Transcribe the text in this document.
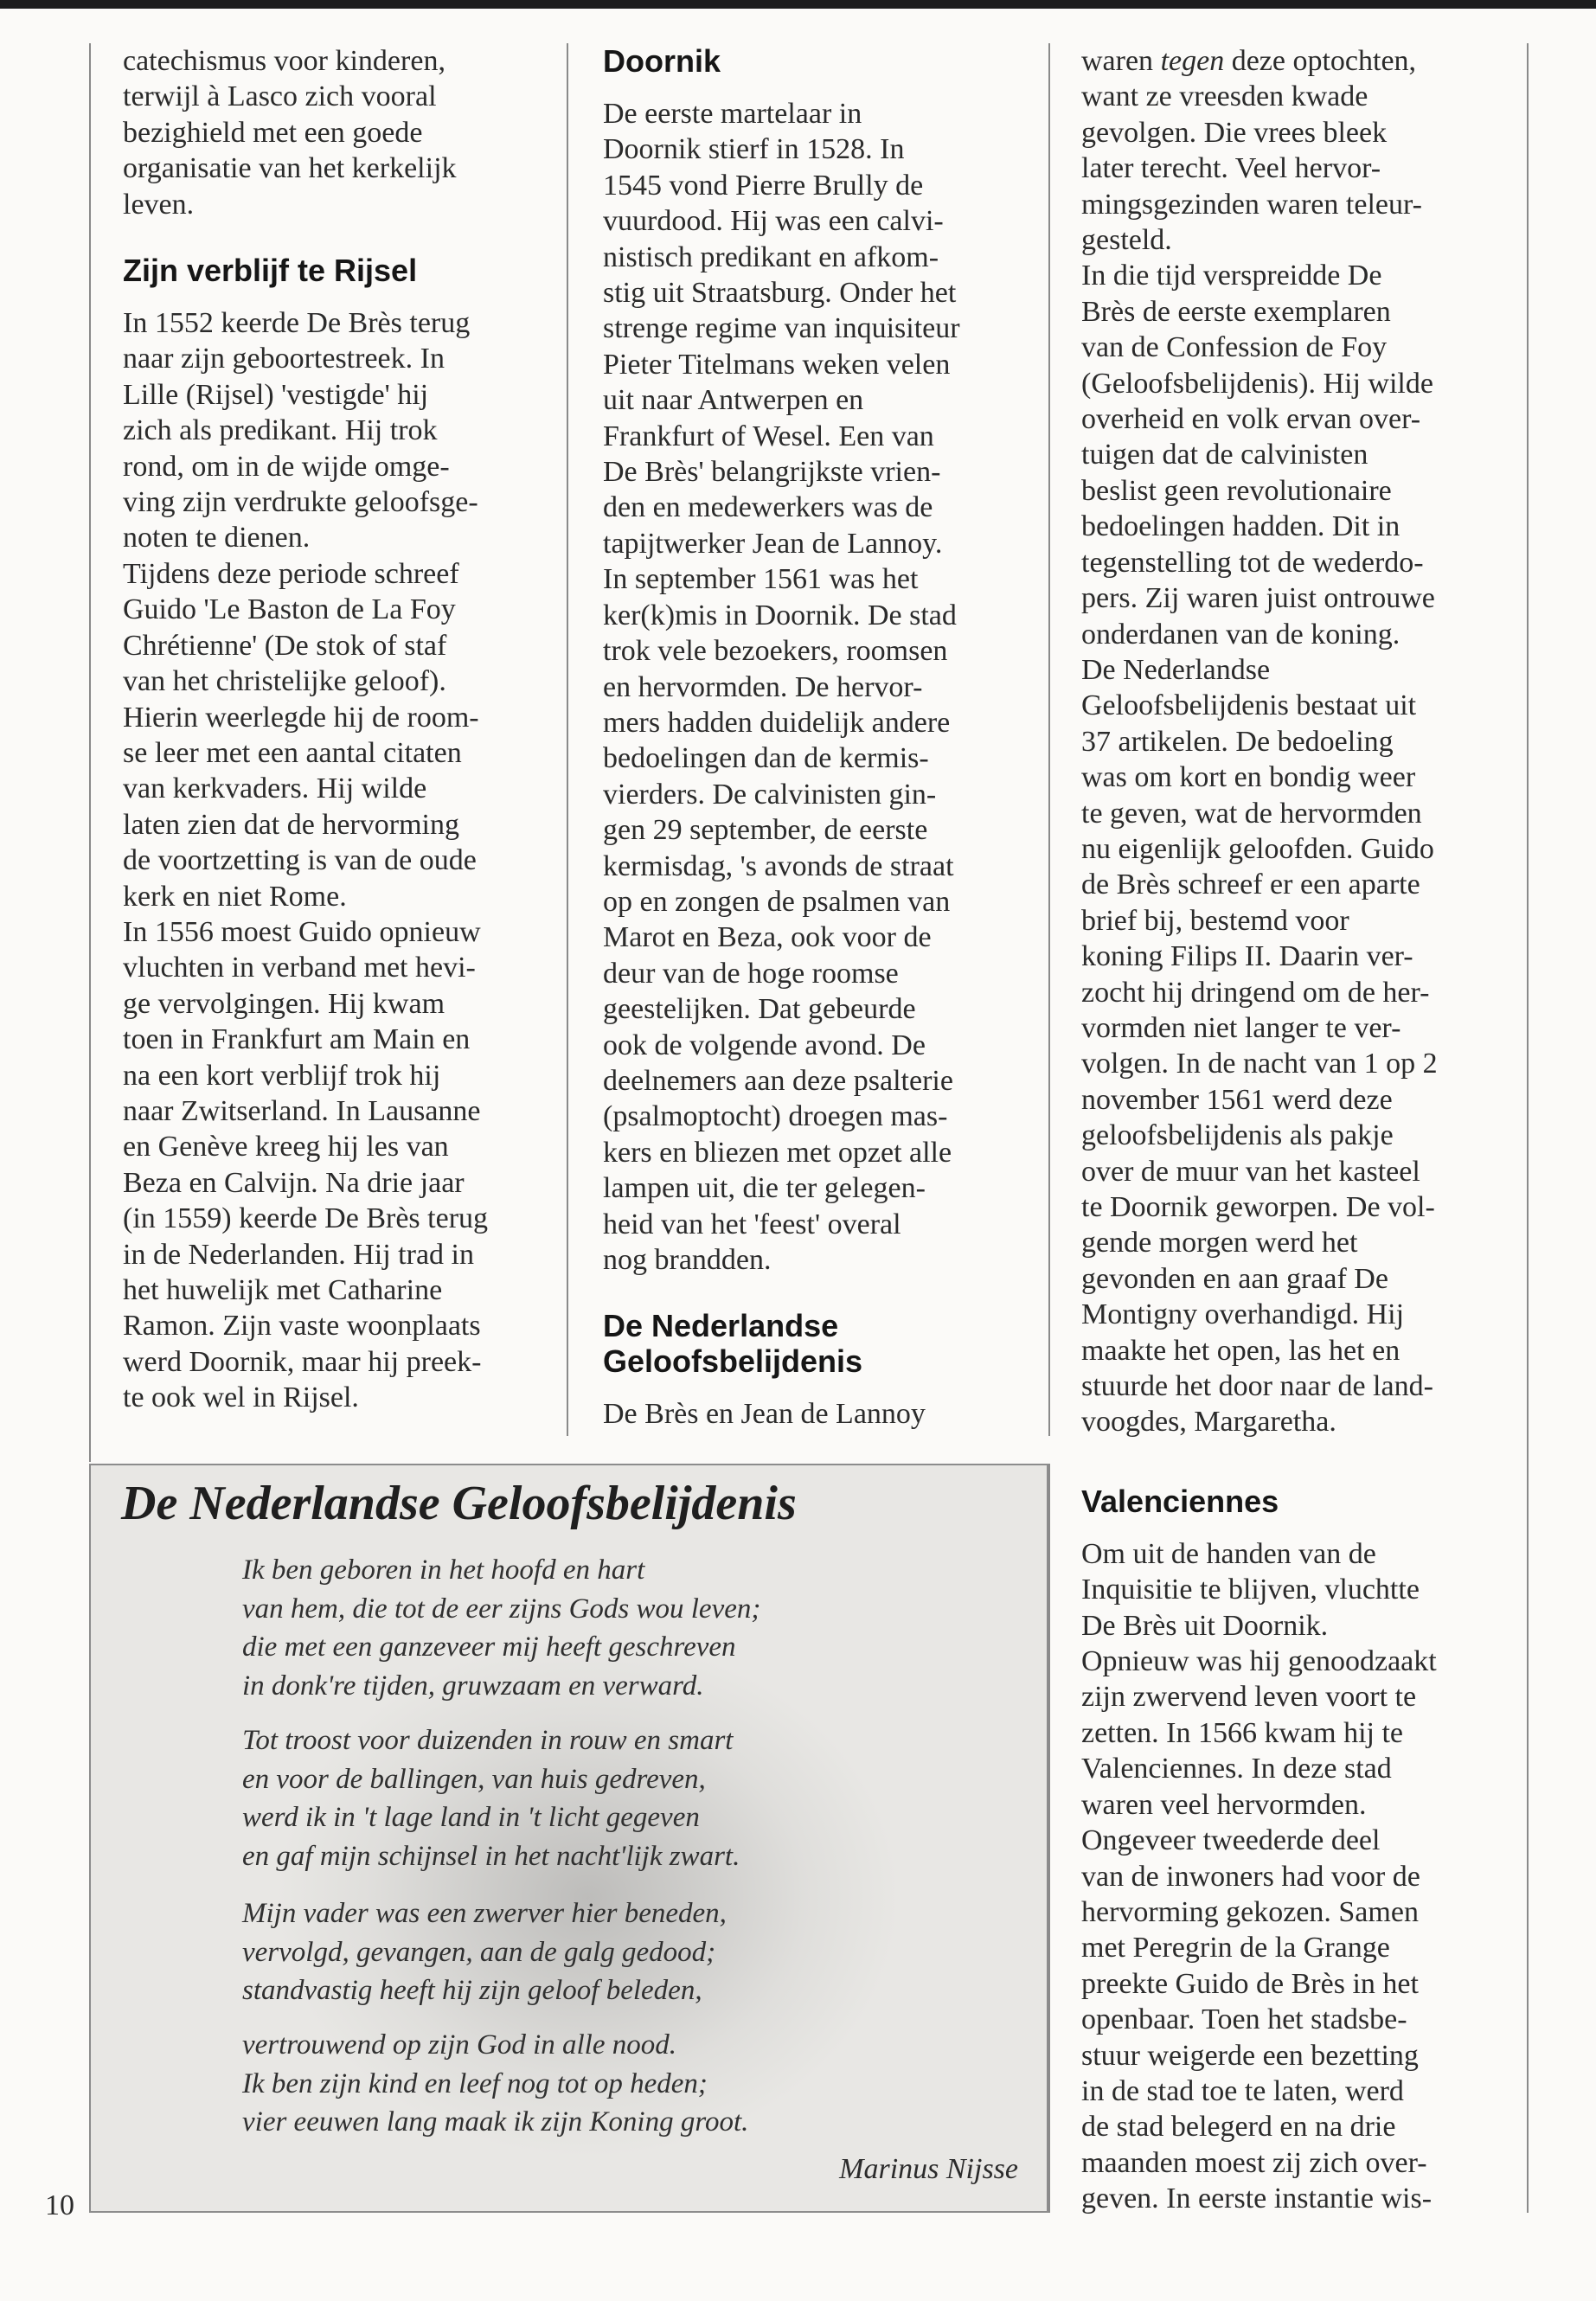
catechismus voor kinderen,

terwijl à Lasco zich vooral

bezighield met een goede

organisatie van het kerkelijk

leven.

Zijn verblijf te Rijsel

In 1552 keerde De Brès terug

naar zijn geboortestreek. In

Lille (Rijsel) 'vestigde' hij

zich als predikant. Hij trok

rond, om in de wijde omge-

ving zijn verdrukte geloofsge-

noten te dienen.

Tijdens deze periode schreef

Guido 'Le Baston de La Foy

Chrétienne' (De stok of staf

van het christelijke geloof).

Hierin weerlegde hij de room-

se leer met een aantal citaten

van kerkvaders. Hij wilde

laten zien dat de hervorming

de voortzetting is van de oude

kerk en niet Rome.

In 1556 moest Guido opnieuw

vluchten in verband met hevi-

ge vervolgingen. Hij kwam

toen in Frankfurt am Main en

na een kort verblijf trok hij

naar Zwitserland. In Lausanne

en Genève kreeg hij les van

Beza en Calvijn. Na drie jaar

(in 1559) keerde De Brès terug

in de Nederlanden. Hij trad in

het huwelijk met Catharine

Ramon. Zijn vaste woonplaats

werd Doornik, maar hij preek-

te ook wel in Rijsel.

Doornik

De eerste martelaar in

Doornik stierf in 1528. In

1545 vond Pierre Brully de

vuurdood. Hij was een calvi-

nistisch predikant en afkom-

stig uit Straatsburg. Onder het

strenge regime van inquisiteur

Pieter Titelmans weken velen

uit naar Antwerpen en

Frankfurt of Wesel. Een van

De Brès' belangrijkste vrien-

den en medewerkers was de

tapijtwerker Jean de Lannoy.

In september 1561 was het

ker(k)mis in Doornik. De stad

trok vele bezoekers, roomsen

en hervormden. De hervor-

mers hadden duidelijk andere

bedoelingen dan de kermis-

vierders. De calvinisten gin-

gen 29 september, de eerste

kermisdag, 's avonds de straat

op en zongen de psalmen van

Marot en Beza, ook voor de

deur van de hoge roomse

geestelijken. Dat gebeurde

ook de volgende avond. De

deelnemers aan deze psalterie

(psalmoptocht) droegen mas-

kers en bliezen met opzet alle

lampen uit, die ter gelegen-

heid van het 'feest' overal

nog brandden.

De Nederlandse
Geloofsbelijdenis

De Brès en Jean de Lannoy

waren tegen deze optochten,

want ze vreesden kwade

gevolgen. Die vrees bleek

later terecht. Veel hervor-

mingsgezinden waren teleur-

gesteld.

In die tijd verspreidde De

Brès de eerste exemplaren

van de Confession de Foy

(Geloofsbelijdenis). Hij wilde

overheid en volk ervan over-

tuigen dat de calvinisten

beslist geen revolutionaire

bedoelingen hadden. Dit in

tegenstelling tot de wederdo-

pers. Zij waren juist ontrouwe

onderdanen van de koning.

De Nederlandse

Geloofsbelijdenis bestaat uit

37 artikelen. De bedoeling

was om kort en bondig weer

te geven, wat de hervormden

nu eigenlijk geloofden. Guido

de Brès schreef er een aparte

brief bij, bestemd voor

koning Filips II. Daarin ver-

zocht hij dringend om de her-

vormden niet langer te ver-

volgen. In de nacht van 1 op 2

november 1561 werd deze

geloofsbelijdenis als pakje

over de muur van het kasteel

te Doornik geworpen. De vol-

gende morgen werd het

gevonden en aan graaf De

Montigny overhandigd. Hij

maakte het open, las het en

stuurde het door naar de land-

voogdes, Margaretha.

Valenciennes

Om uit de handen van de

Inquisitie te blijven, vluchtte

De Brès uit Doornik.

Opnieuw was hij genoodzaakt

zijn zwervend leven voort te

zetten. In 1566 kwam hij te

Valenciennes. In deze stad

waren veel hervormden.

Ongeveer tweederde deel

van de inwoners had voor de

hervorming gekozen. Samen

met Peregrin de la Grange

preekte Guido de Brès in het

openbaar. Toen het stadsbe-

stuur weigerde een bezetting

in de stad toe te laten, werd

de stad belegerd en na drie

maanden moest zij zich over-

geven. In eerste instantie wis-

De Nederlandse Geloofsbelijdenis

Ik ben geboren in het hoofd en hart

van hem, die tot de eer zijns Gods wou leven;

die met een ganzeveer mij heeft geschreven

in donk're tijden, gruwzaam en verward.

Tot troost voor duizenden in rouw en smart

en voor de ballingen, van huis gedreven,

werd ik in 't lage land in 't licht gegeven

en gaf mijn schijnsel in het nacht'lijk zwart.

Mijn vader was een zwerver hier beneden,

vervolgd, gevangen, aan de galg gedood;

standvastig heeft hij zijn geloof beleden,

vertrouwend op zijn God in alle nood.

Ik ben zijn kind en leef nog tot op heden;

vier eeuwen lang maak ik zijn Koning groot.

Marinus Nijsse

10
